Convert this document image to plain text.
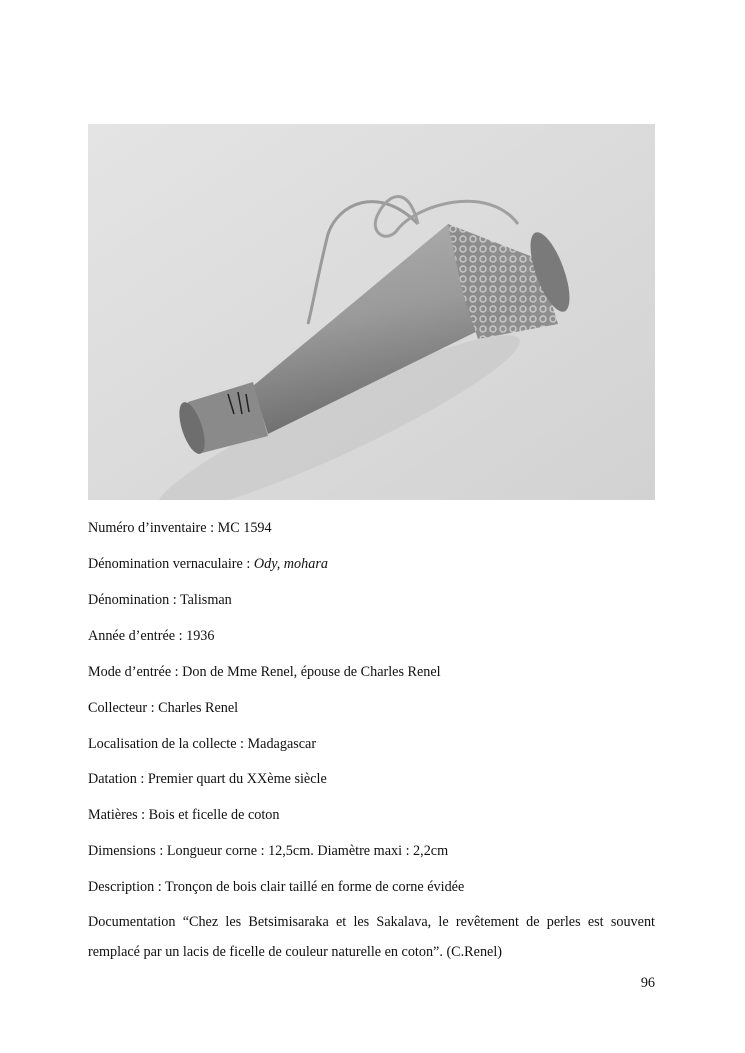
Numéro d’inventaire : MC 1594
Dénomination vernaculaire : Ody, mohara
Dénomination : Talisman
Année d’entrée : 1936
Mode d’entrée : Don de Mme Renel, épouse de Charles Renel
Collecteur : Charles Renel
Localisation de la collecte : Madagascar
Datation : Premier quart du XXème siècle
Matières : Bois et ficelle de coton
Dimensions : Longueur corne : 12,5cm. Diamètre maxi : 2,2cm
Description : Tronçon de bois clair taillé en forme de corne évidée
Documentation “Chez les Betsimisaraka et les Sakalava, le revêtement de perles est souvent remplacé par un lacis de ficelle de couleur naturelle en coton”. (C.Renel)
96
